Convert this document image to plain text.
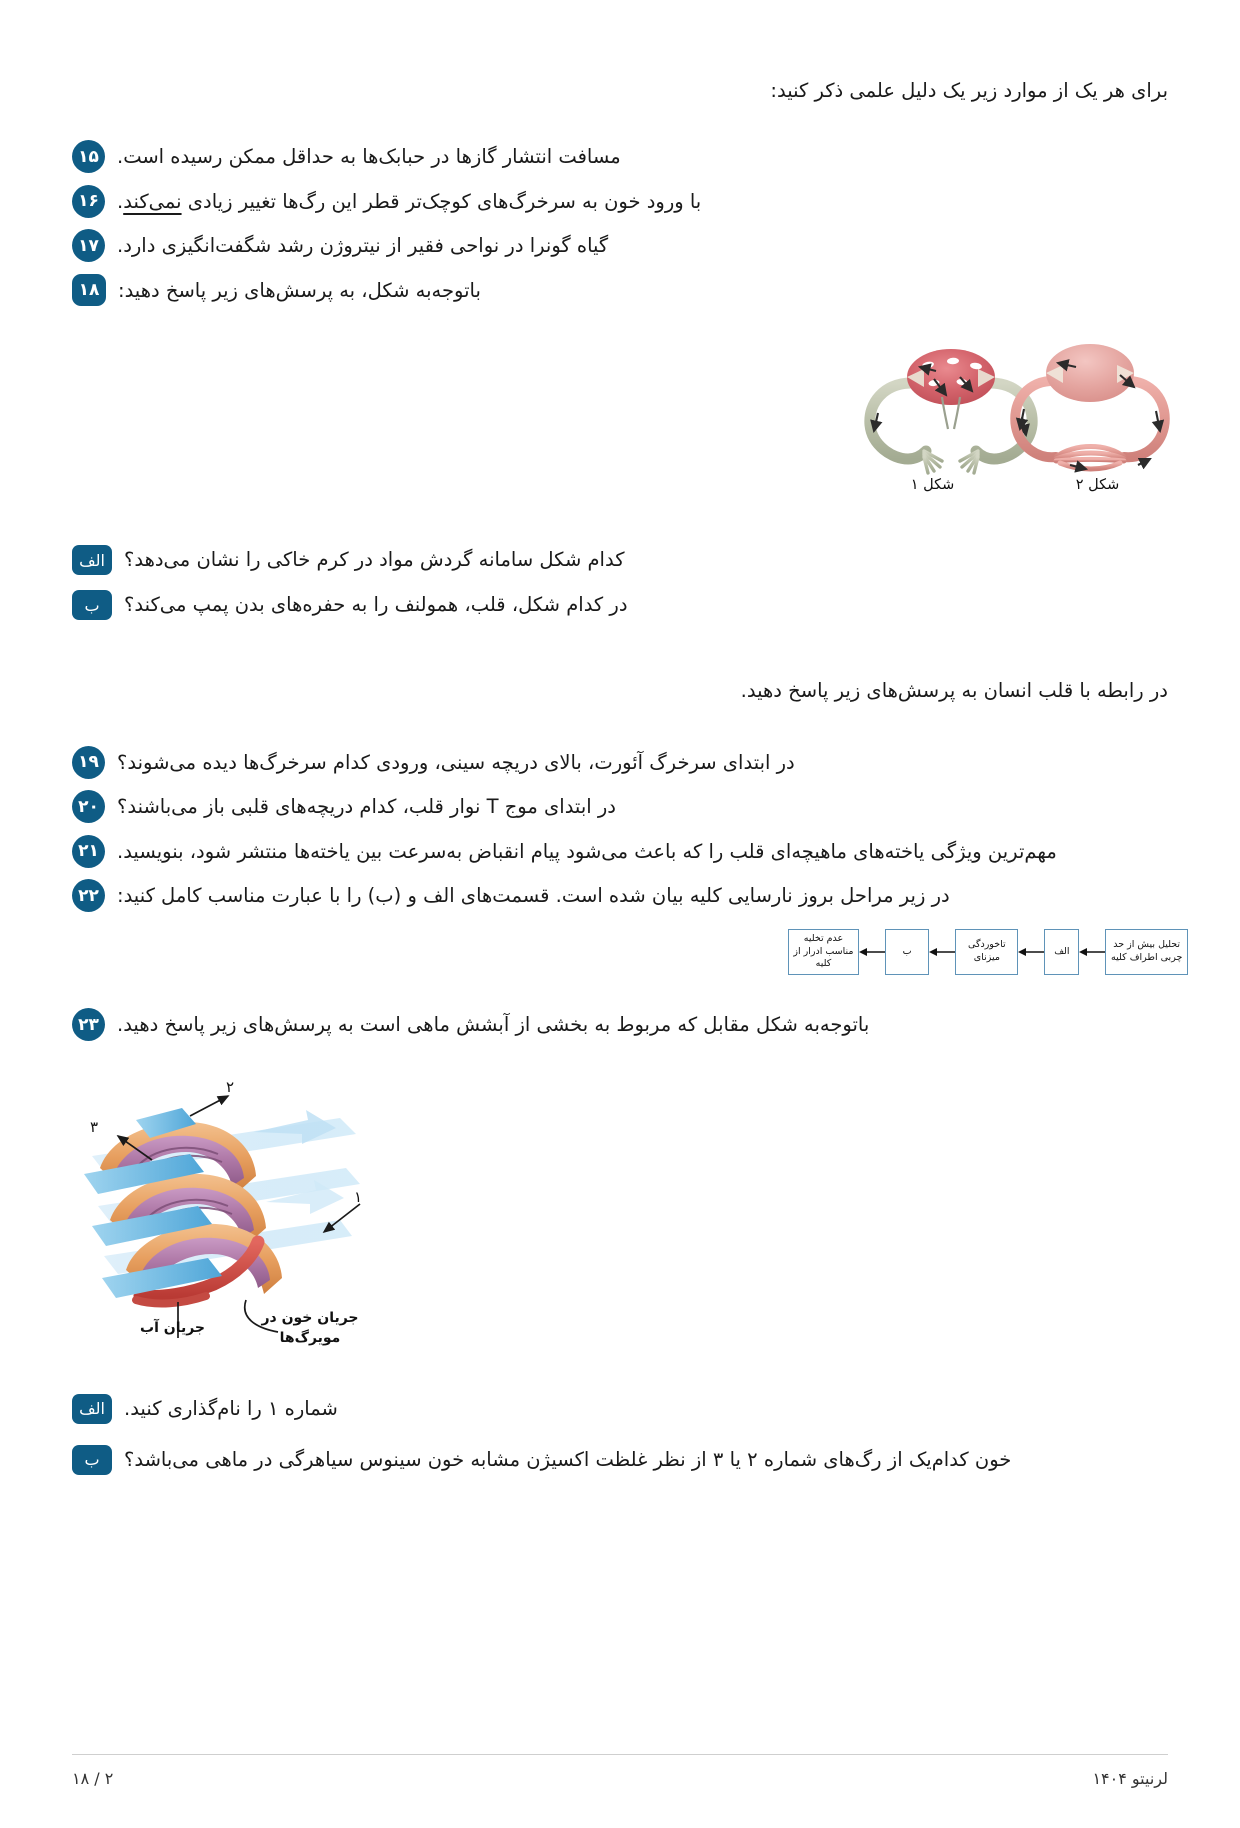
برای هر یک از موارد زیر یک دلیل علمی ذکر کنید:
مسافت انتشار گازها در حبابک‌ها به حداقل ممکن رسیده است.
۱۵
با ورود خون به سرخرگ‌های کوچک‌تر قطر این رگ‌ها تغییر زیادی نمی‌کند.
۱۶
گیاه گونرا در نواحی فقیر از نیتروژن رشد شگفت‌انگیزی دارد.
۱۷
باتوجه‌به شکل، به پرسش‌های زیر پاسخ دهید:
۱۸
شکل ۲
شکل ۱
کدام شکل سامانه گردش مواد در کرم خاکی را نشان می‌دهد؟
الف
در کدام شکل، قلب، همولنف را به حفره‌های بدن پمپ می‌کند؟
ب
در رابطه با قلب انسان به پرسش‌های زیر پاسخ دهید.
در ابتدای سرخرگ آئورت، بالای دریچه سینی، ورودی کدام سرخرگ‌ها دیده می‌شوند؟
۱۹
در ابتدای موج T نوار قلب، کدام دریچه‌های قلبی باز می‌باشند؟
۲۰
مهم‌ترین ویژگی یاخته‌های ماهیچه‌ای قلب را که باعث می‌شود پیام انقباض به‌سرعت بین یاخته‌ها منتشر شود، بنویسید.
۲۱
در زیر مراحل بروز نارسایی کلیه بیان شده است. قسمت‌های الف و (ب) را با عبارت مناسب کامل کنید:
۲۲
تحلیل بیش از حد چربی اطراف کلیه
الف
تاخوردگی میزنای
ب
عدم تخلیه مناسب ادرار از کلیه
باتوجه‌به شکل مقابل که مربوط به بخشی از آبشش ماهی است به پرسش‌های زیر پاسخ دهید.
۲۳
۲
۳
۱
جریان آب
جریان خون در مویرگ‌ها
شماره ۱ را نام‌گذاری کنید.
الف
خون کدام‌یک از رگ‌های شماره ۲ یا ۳ از نظر غلظت اکسیژن مشابه خون سینوس سیاهرگی در ماهی می‌باشد؟
ب
لرنیتو ۱۴۰۴
۲ / ۱۸
